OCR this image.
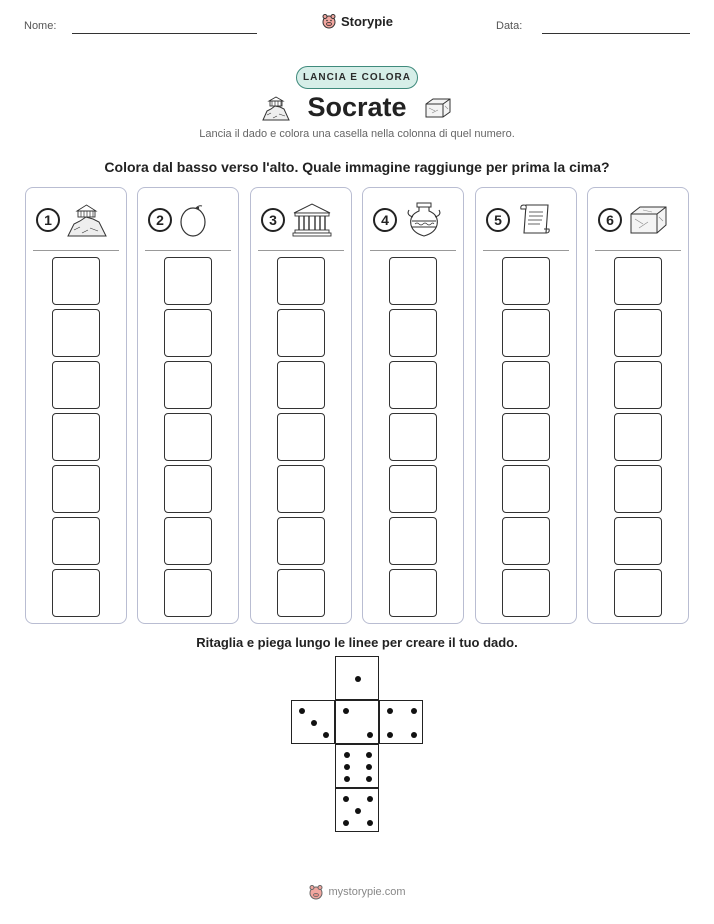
Nome:	Storypie	Data:
LANCIA E COLORA
Socrate
Lancia il dado e colora una casella nella colonna di quel numero.
Colora dal basso verso l'alto. Quale immagine raggiunge per prima la cima?
1	2	3	4	5	6
Ritaglia e piega lungo le linee per creare il tuo dado.
mystorypie.com
